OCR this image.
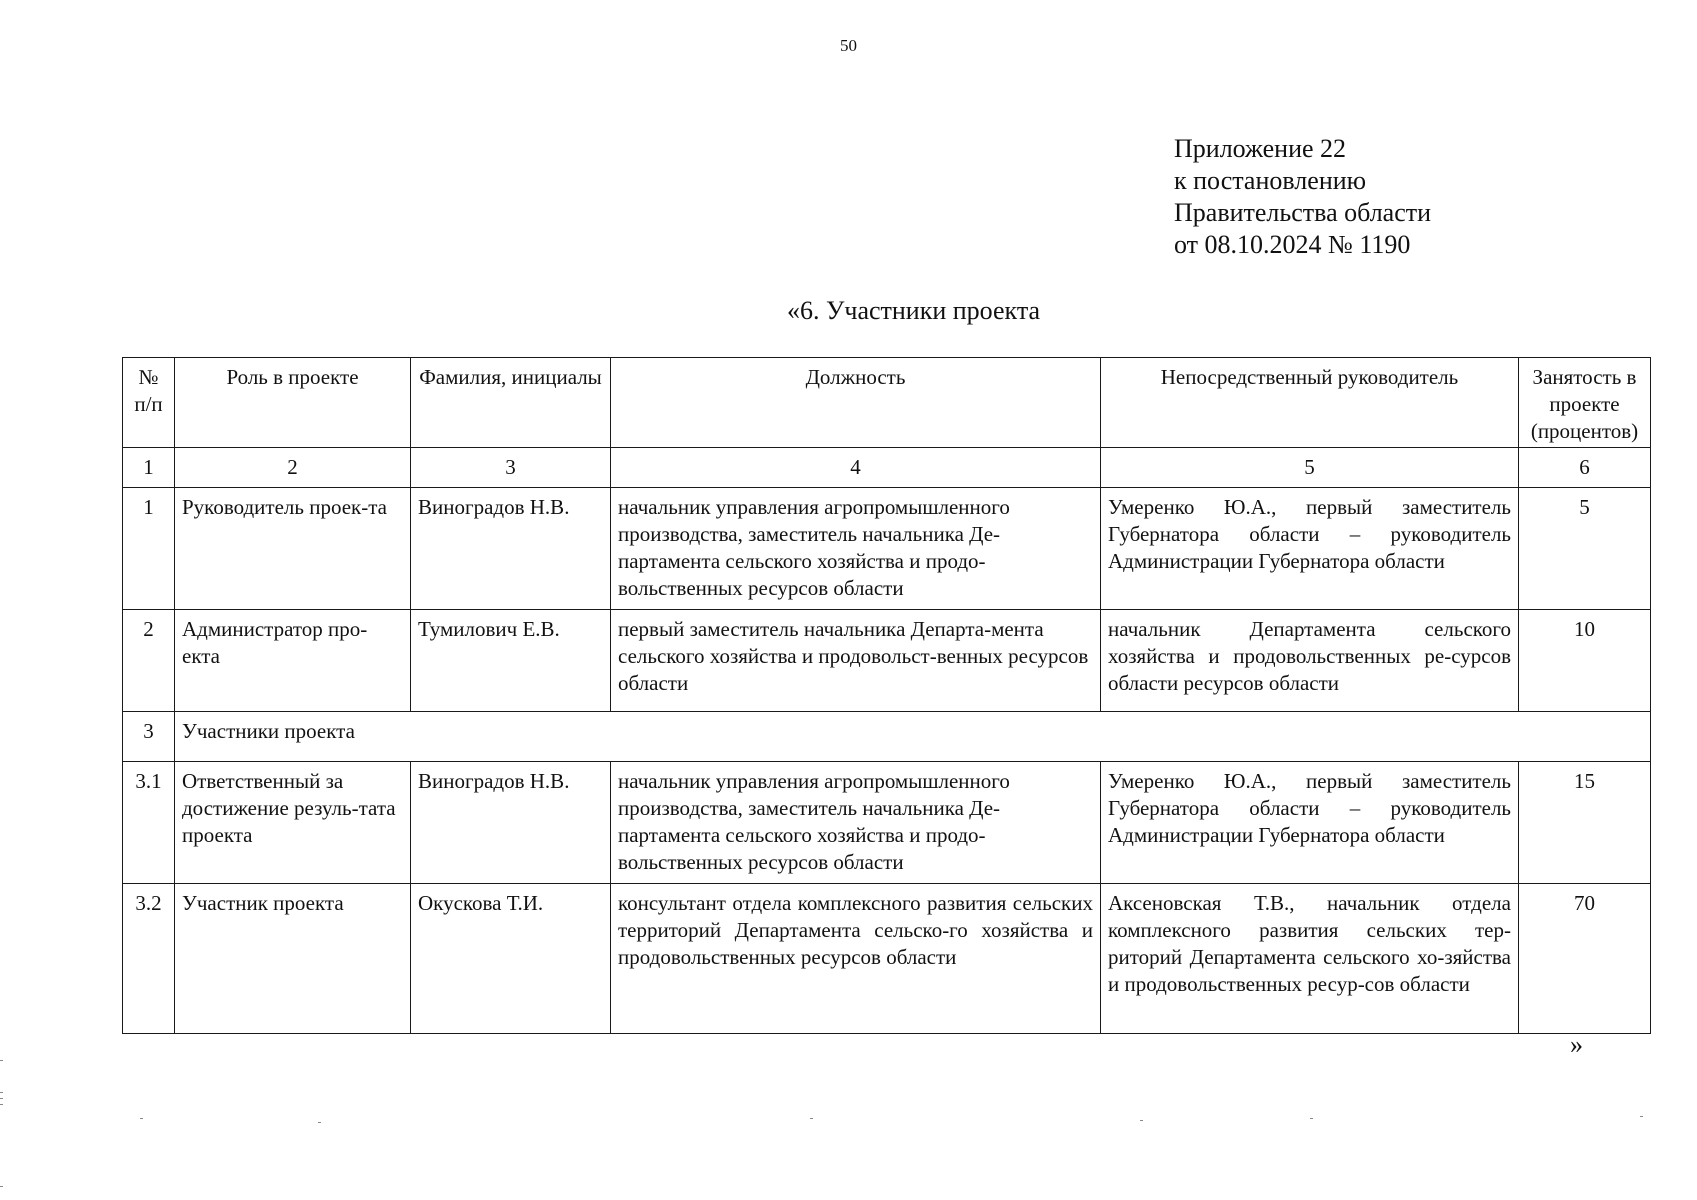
50
Приложение 22
к постановлению
Правительства области
от 08.10.2024 № 1190
«6. Участники проекта
№ п/п	Роль в проекте	Фамилия, инициалы	Должность	Непосредственный руководитель	Занятость в проекте (процентов)
1	2	3	4	5	6
1	Руководитель проек-та	Виноградов Н.В.	начальник управления агропромышленного производства, заместитель начальника Де-партамента сельского хозяйства и продо-вольственных ресурсов области	Умеренко Ю.А., первый заместитель Губернатора области – руководитель Администрации Губернатора области	5
2	Администратор про-екта	Тумилович Е.В.	первый заместитель начальника Департа-мента сельского хозяйства и продовольст-венных ресурсов области	начальник Департамента сельского хозяйства и продовольственных ре-сурсов области ресурсов области	10
3	Участники проекта				
3.1	Ответственный за достижение резуль-тата проекта	Виноградов Н.В.	начальник управления агропромышленного производства, заместитель начальника Де-партамента сельского хозяйства и продо-вольственных ресурсов области	Умеренко Ю.А., первый заместитель Губернатора области – руководитель Администрации Губернатора области	15
3.2	Участник проекта	Окускова Т.И.	консультант отдела комплексного развития сельских территорий Департамента сельско-го хозяйства и продовольственных ресурсов области	Аксеновская Т.В., начальник отдела комплексного развития сельских тер-риторий Департамента сельского хо-зяйства и продовольственных ресур-сов области	70
»
